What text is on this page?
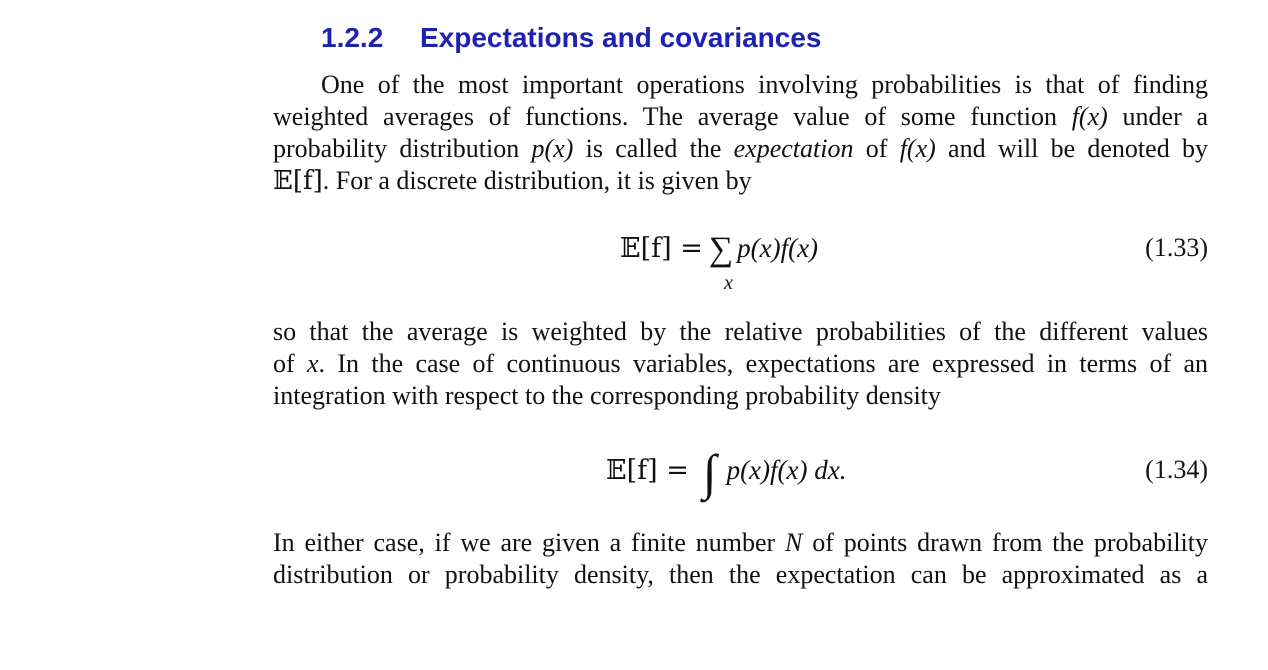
1.2.2 Expectations and covariances
One of the most important operations involving probabilities is that of finding
weighted averages of functions. The average value of some function f(x) under a
probability distribution p(x) is called the expectation of f(x) and will be denoted by
𝔼[f]. For a discrete distribution, it is given by
𝔼[f] = ∑ p(x)f(x)
x
(1.33)
so that the average is weighted by the relative probabilities of the different values
of x. In the case of continuous variables, expectations are expressed in terms of an
integration with respect to the corresponding probability density
𝔼[f] = ∫ p(x)f(x) dx.	(1.34)
In either case, if we are given a finite number N of points drawn from the probability
distribution or probability density, then the expectation can be approximated as a
